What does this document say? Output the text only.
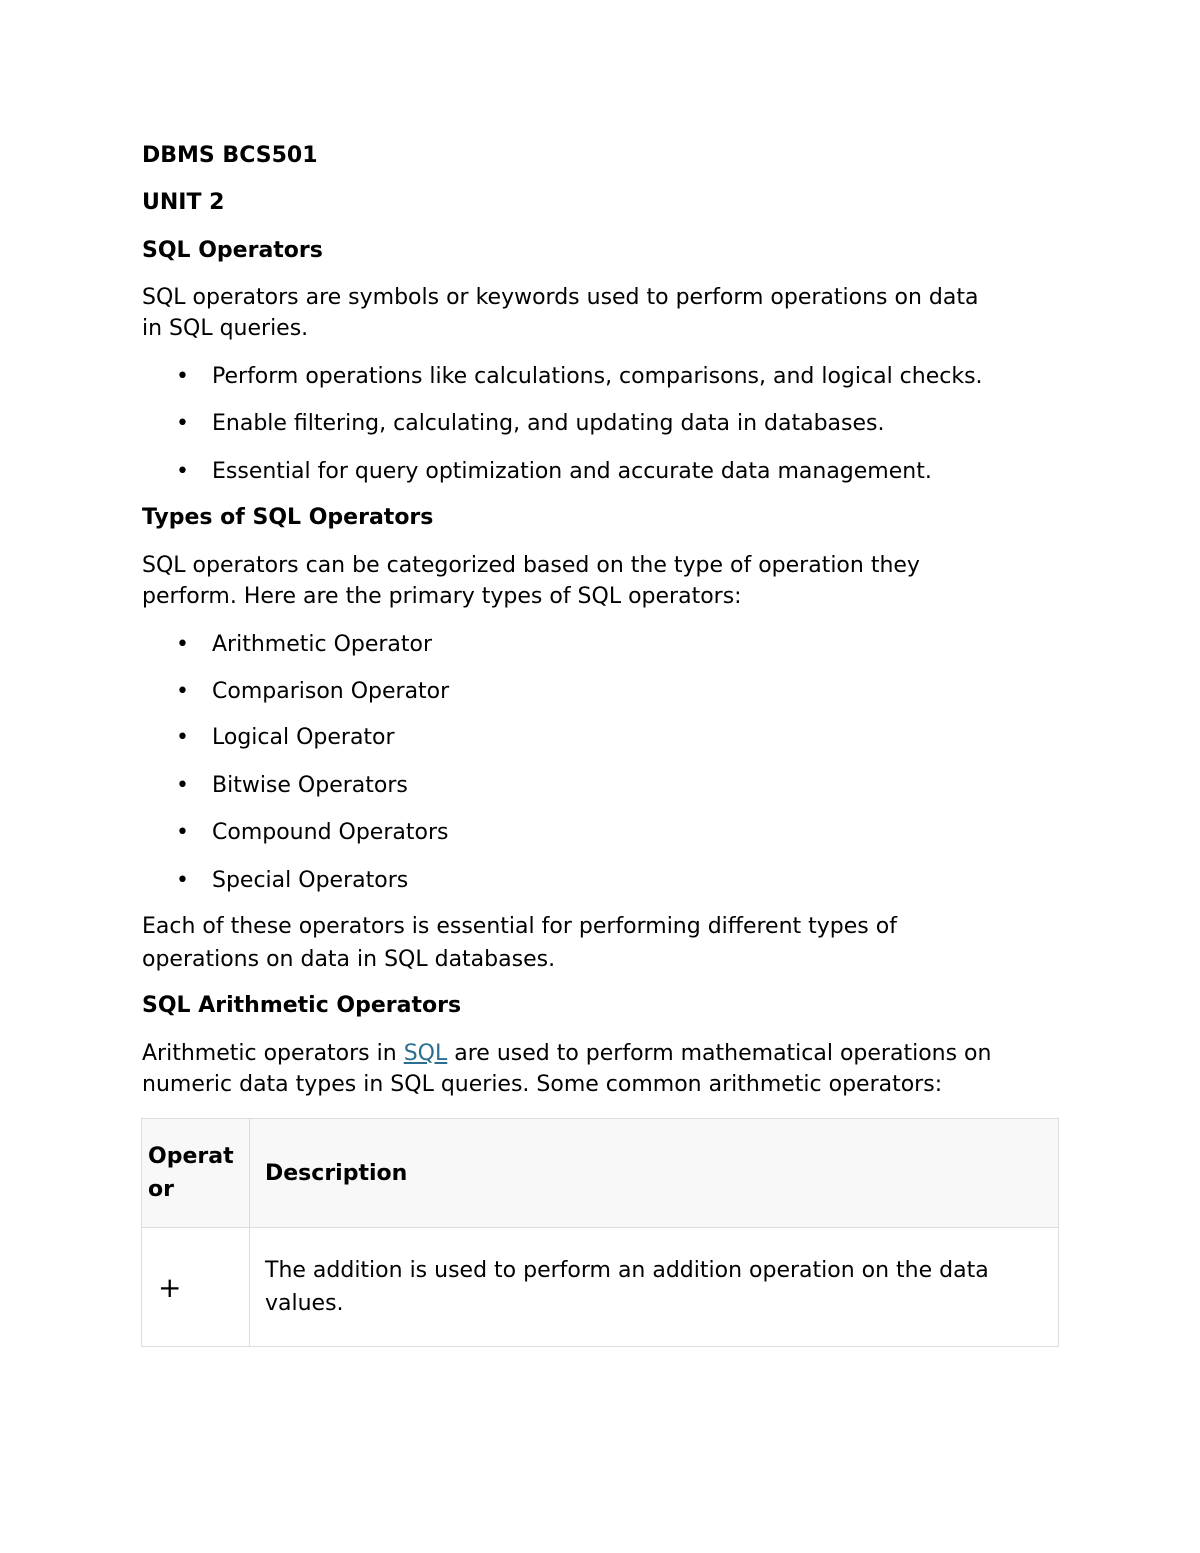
DBMS BCS501

UNIT 2

SQL Operators

SQL operators are symbols or keywords used to perform operations on data

in SQL queries.

• Perform operations like calculations, comparisons, and logical checks.
• Enable filtering, calculating, and updating data in databases.
• Essential for query optimization and accurate data management.

Types of SQL Operators

SQL operators can be categorized based on the type of operation they

perform. Here are the primary types of SQL operators:

• Arithmetic Operator
• Comparison Operator
• Logical Operator
• Bitwise Operators
• Compound Operators
• Special Operators

Each of these operators is essential for performing different types of

operations on data in SQL databases.

SQL Arithmetic Operators

Arithmetic operators in SQL are used to perform mathematical operations on

numeric data types in SQL queries. Some common arithmetic operators:

Operat
or	Description

+	The addition is used to perform an addition operation on the data
values.
